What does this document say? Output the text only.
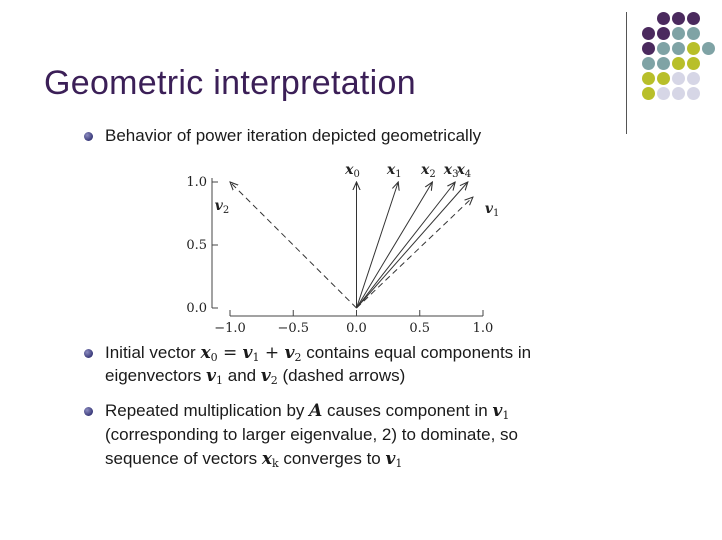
Geometric interpretation
Behavior of power iteration depicted geometrically
0.0
0.5
1.0
−1.0 −0.5	0.0	0.5	1.0
$x_0$ $x_1$ $x_2$ $x_3$
$x_4$
$v_1$
$v_2$
Initial vector $x_0 = v_1 + v_2$ contains equal components in
eigenvectors $v_1$ and $v_2$ (dashed arrows)
Repeated multiplication by A causes component in $v_1$
(corresponding to larger eigenvalue, 2) to dominate, so
sequence of vectors $x_k$ converges to $v_1$
